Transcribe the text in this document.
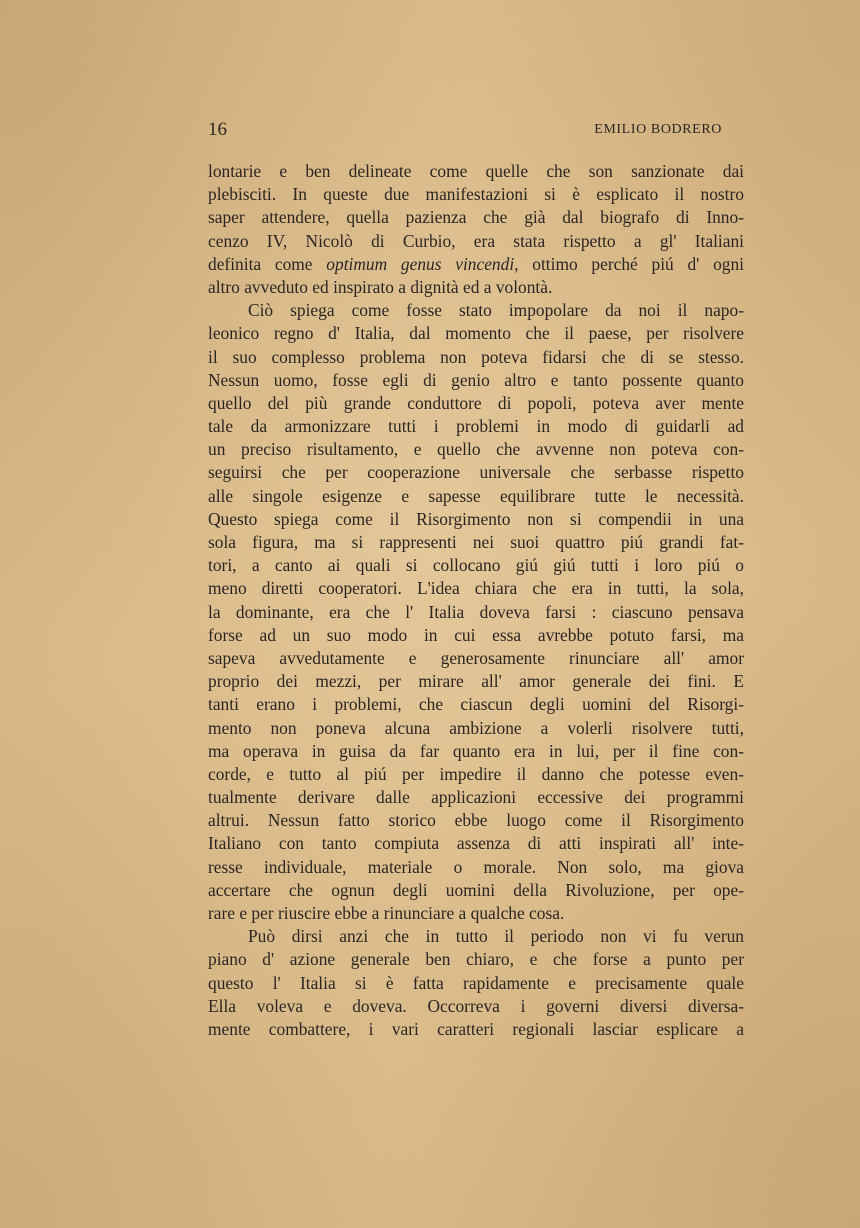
16	EMILIO BODRERO
lontarie e ben delineate come quelle che son sanzionate dai
plebisciti. In queste due manifestazioni si è esplicato il nostro
saper attendere, quella pazienza che già dal biografo di Inno-
cenzo IV, Nicolò di Curbio, era stata rispetto a gl' Italiani
definita come optimum genus vincendi, ottimo perché piú d' ogni
altro avveduto ed inspirato a dignità ed a volontà.
Ciò spiega come fosse stato impopolare da noi il napo-
leonico regno d' Italia, dal momento che il paese, per risolvere
il suo complesso problema non poteva fidarsi che di se stesso.
Nessun uomo, fosse egli di genio altro e tanto possente quanto
quello del più grande conduttore di popoli, poteva aver mente
tale da armonizzare tutti i problemi in modo di guidarli ad
un preciso risultamento, e quello che avvenne non poteva con-
seguirsi che per cooperazione universale che serbasse rispetto
alle singole esigenze e sapesse equilibrare tutte le necessità.
Questo spiega come il Risorgimento non si compendii in una
sola figura, ma si rappresenti nei suoi quattro piú grandi fat-
tori, a canto ai quali si collocano giú giú tutti i loro piú o
meno diretti cooperatori. L'idea chiara che era in tutti, la sola,
la dominante, era che l' Italia doveva farsi : ciascuno pensava
forse ad un suo modo in cui essa avrebbe potuto farsi, ma
sapeva avvedutamente e generosamente rinunciare all' amor
proprio dei mezzi, per mirare all' amor generale dei fini. E
tanti erano i problemi, che ciascun degli uomini del Risorgi-
mento non poneva alcuna ambizione a volerli risolvere tutti,
ma operava in guisa da far quanto era in lui, per il fine con-
corde, e tutto al piú per impedire il danno che potesse even-
tualmente derivare dalle applicazioni eccessive dei programmi
altrui. Nessun fatto storico ebbe luogo come il Risorgimento
Italiano con tanto compiuta assenza di atti inspirati all' inte-
resse individuale, materiale o morale. Non solo, ma giova
accertare che ognun degli uomini della Rivoluzione, per ope-
rare e per riuscire ebbe a rinunciare a qualche cosa.
Può dirsi anzi che in tutto il periodo non vi fu verun
piano d' azione generale ben chiaro, e che forse a punto per
questo l' Italia si è fatta rapidamente e precisamente quale
Ella voleva e doveva. Occorreva i governi diversi diversa-
mente combattere, i vari caratteri regionali lasciar esplicare a
